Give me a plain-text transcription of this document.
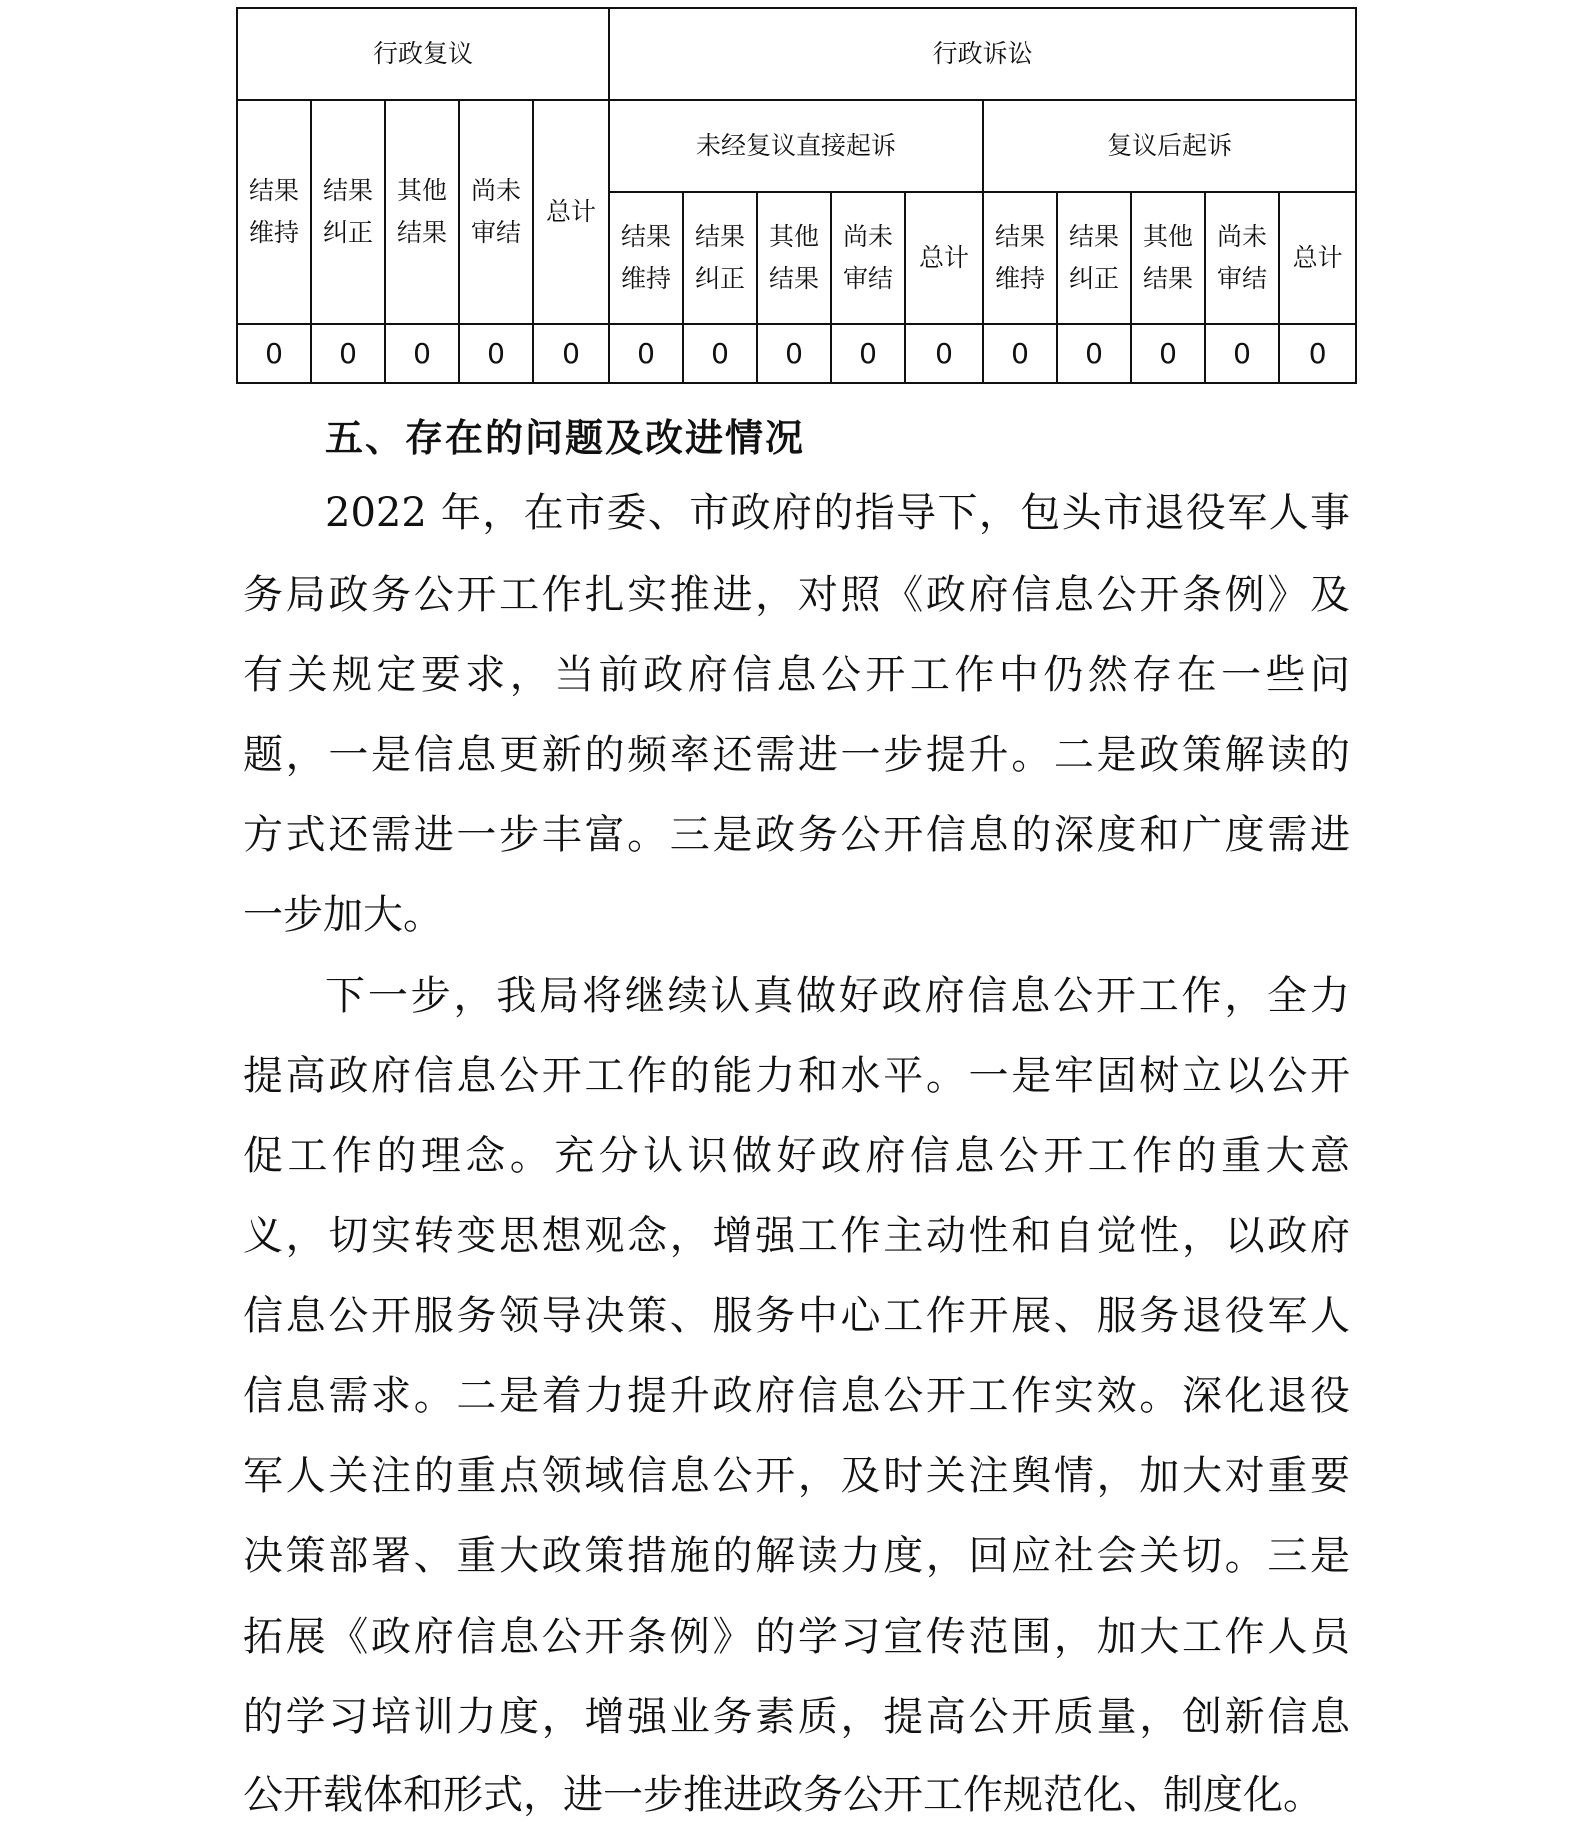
行政复议					行政诉讼									

结果维持	结果纠正	其他结果	尚未审结	总计	未经复议直接起诉					复议后起诉				

					结果维持	结果纠正	其他结果	尚未审结	总计	结果维持	结果纠正	其他结果	尚未审结	总计

0	0	0	0	0	0	0	0	0	0	0	0	0	0	0
五、存在的问题及改进情况

2022 年，在市委、市政府的指导下，包头市退役军人事

务局政务公开工作扎实推进，对照《政府信息公开条例》及

有关规定要求，当前政府信息公开工作中仍然存在一些问

题，一是信息更新的频率还需进一步提升。二是政策解读的

方式还需进一步丰富。三是政务公开信息的深度和广度需进

一步加大。

下一步，我局将继续认真做好政府信息公开工作，全力

提高政府信息公开工作的能力和水平。一是牢固树立以公开

促工作的理念。充分认识做好政府信息公开工作的重大意

义，切实转变思想观念，增强工作主动性和自觉性，以政府

信息公开服务领导决策、服务中心工作开展、服务退役军人

信息需求。二是着力提升政府信息公开工作实效。深化退役

军人关注的重点领域信息公开，及时关注舆情，加大对重要

决策部署、重大政策措施的解读力度，回应社会关切。三是

拓展《政府信息公开条例》的学习宣传范围，加大工作人员

的学习培训力度，增强业务素质，提高公开质量，创新信息

公开载体和形式，进一步推进政务公开工作规范化、制度化。
